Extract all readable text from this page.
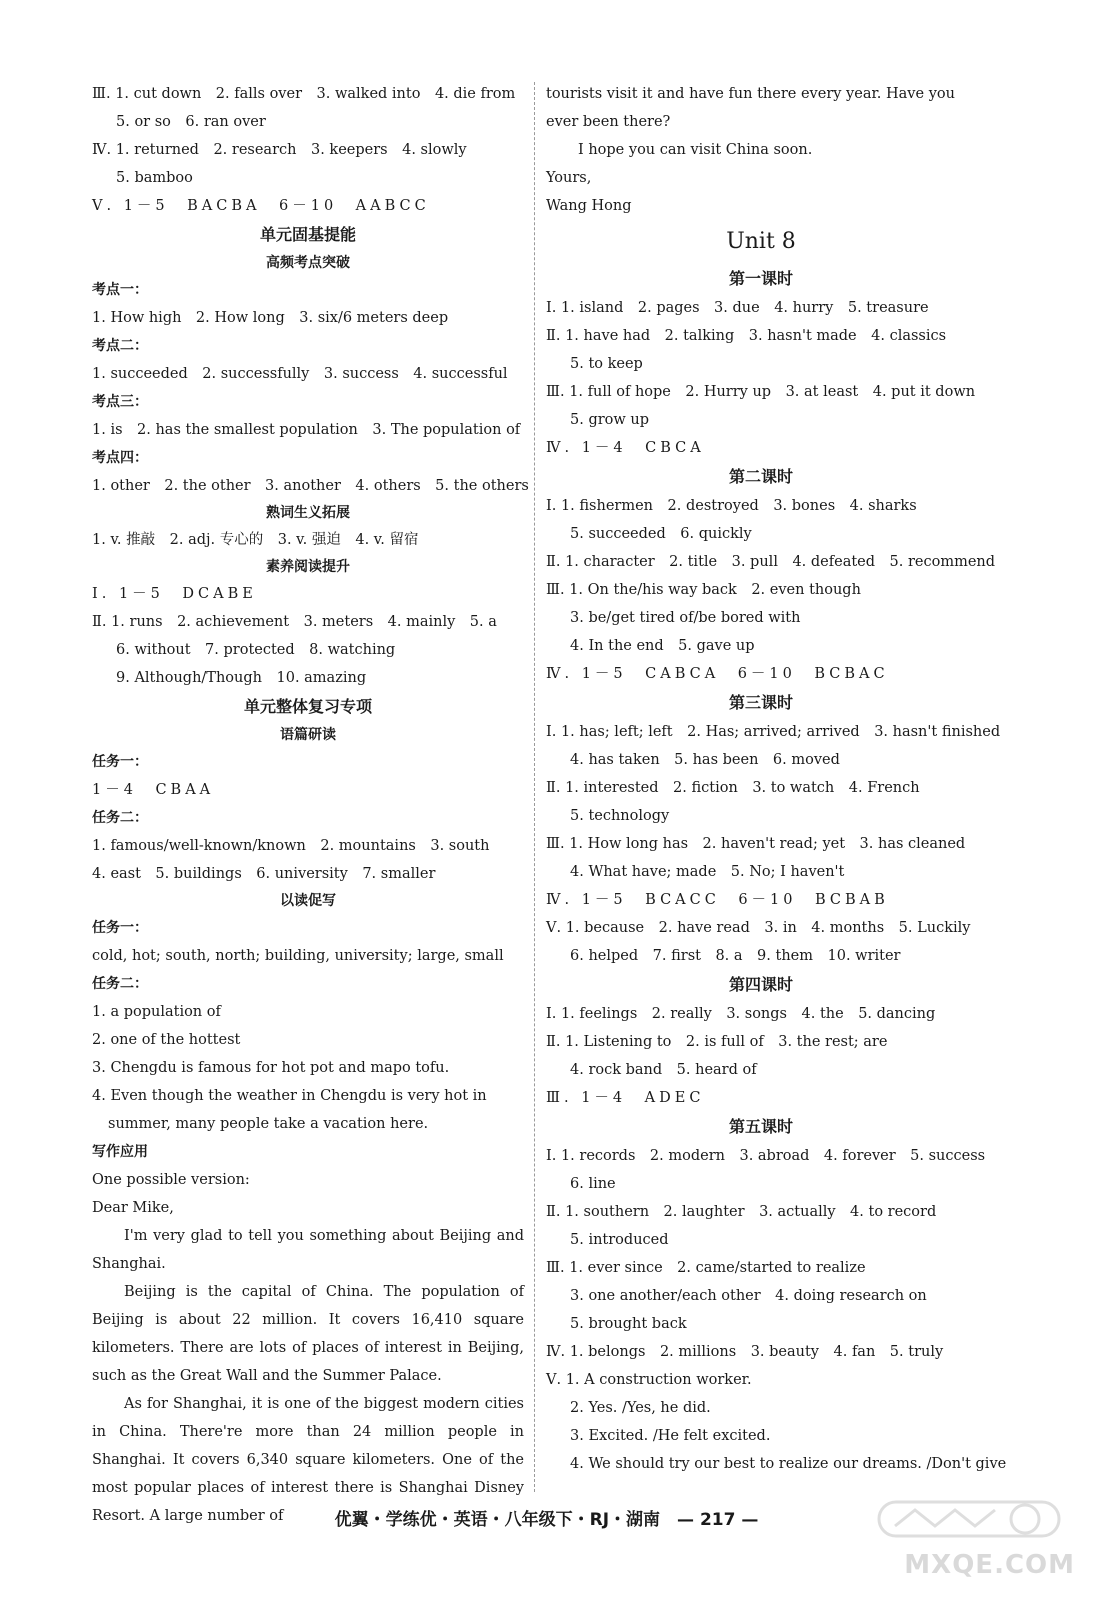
Ⅲ. 1. cut down　2. falls over　3. walked into　4. die from
5. or so　6. ran over
Ⅳ. 1. returned　2. research　3. keepers　4. slowly
5. bamboo
Ⅴ. 1－5　BACBA　6－10　AABCC
单元固基提能
高频考点突破
考点一：
1. How high　2. How long　3. six/6 meters deep
考点二：
1. succeeded　2. successfully　3. success　4. successful
考点三：
1. is　2. has the smallest population　3. The population of
考点四：
1. other　2. the other　3. another　4. others　5. the others
熟词生义拓展
1. v. 推敲　2. adj. 专心的　3. v. 强迫　4. v. 留宿
素养阅读提升
Ⅰ. 1－5　DCABE
Ⅱ. 1. runs　2. achievement　3. meters　4. mainly　5. a
6. without　7. protected　8. watching
9. Although/Though　10. amazing
单元整体复习专项
语篇研读
任务一：
1－4　CBAA
任务二：
1. famous/well-known/known　2. mountains　3. south
4. east　5. buildings　6. university　7. smaller
以读促写
任务一：
cold, hot; south, north; building, university; large, small
任务二：
1. a population of
2. one of the hottest
3. Chengdu is famous for hot pot and mapo tofu.
4. Even though the weather in Chengdu is very hot in summer, many people take a vacation here.
写作应用
One possible version:
Dear Mike,
I'm very glad to tell you something about Beijing and Shanghai.
Beijing is the capital of China. The population of Beijing is about 22 million. It covers 16,410 square kilometers. There are lots of places of interest in Beijing, such as the Great Wall and the Summer Palace.
As for Shanghai, it is one of the biggest modern cities in China. There're more than 24 million people in Shanghai. It covers 6,340 square kilometers. One of the most popular places of interest there is Shanghai Disney Resort. A large number of
tourists visit it and have fun there every year. Have you ever been there?
I hope you can visit China soon.
Yours,
Wang Hong
Unit 8
第一课时
Ⅰ. 1. island　2. pages　3. due　4. hurry　5. treasure
Ⅱ. 1. have had　2. talking　3. hasn't made　4. classics
5. to keep
Ⅲ. 1. full of hope　2. Hurry up　3. at least　4. put it down
5. grow up
Ⅳ. 1－4　CBCA
第二课时
Ⅰ. 1. fishermen　2. destroyed　3. bones　4. sharks
5. succeeded　6. quickly
Ⅱ. 1. character　2. title　3. pull　4. defeated　5. recommend
Ⅲ. 1. On the/his way back　2. even though
3. be/get tired of/be bored with
4. In the end　5. gave up
Ⅳ. 1－5　CABCA　6－10　BCBAC
第三课时
Ⅰ. 1. has; left; left　2. Has; arrived; arrived　3. hasn't finished
4. has taken　5. has been　6. moved
Ⅱ. 1. interested　2. fiction　3. to watch　4. French
5. technology
Ⅲ. 1. How long has　2. haven't read; yet　3. has cleaned
4. What have; made　5. No; I haven't
Ⅳ. 1－5　BCACC　6－10　BCBAB
Ⅴ. 1. because　2. have read　3. in　4. months　5. Luckily
6. helped　7. first　8. a　9. them　10. writer
第四课时
Ⅰ. 1. feelings　2. really　3. songs　4. the　5. dancing
Ⅱ. 1. Listening to　2. is full of　3. the rest; are
4. rock band　5. heard of
Ⅲ. 1－4　ADEC
第五课时
Ⅰ. 1. records　2. modern　3. abroad　4. forever　5. success
6. line
Ⅱ. 1. southern　2. laughter　3. actually　4. to record
5. introduced
Ⅲ. 1. ever since　2. came/started to realize
3. one another/each other　4. doing research on
5. brought back
Ⅳ. 1. belongs　2. millions　3. beauty　4. fan　5. truly
Ⅴ. 1. A construction worker.
2. Yes. /Yes, he did.
3. Excited. /He felt excited.
4. We should try our best to realize our dreams. /Don't give
优翼・学练优・英语・八年级下・RJ・湖南　— 217 —
MXQE.COM
